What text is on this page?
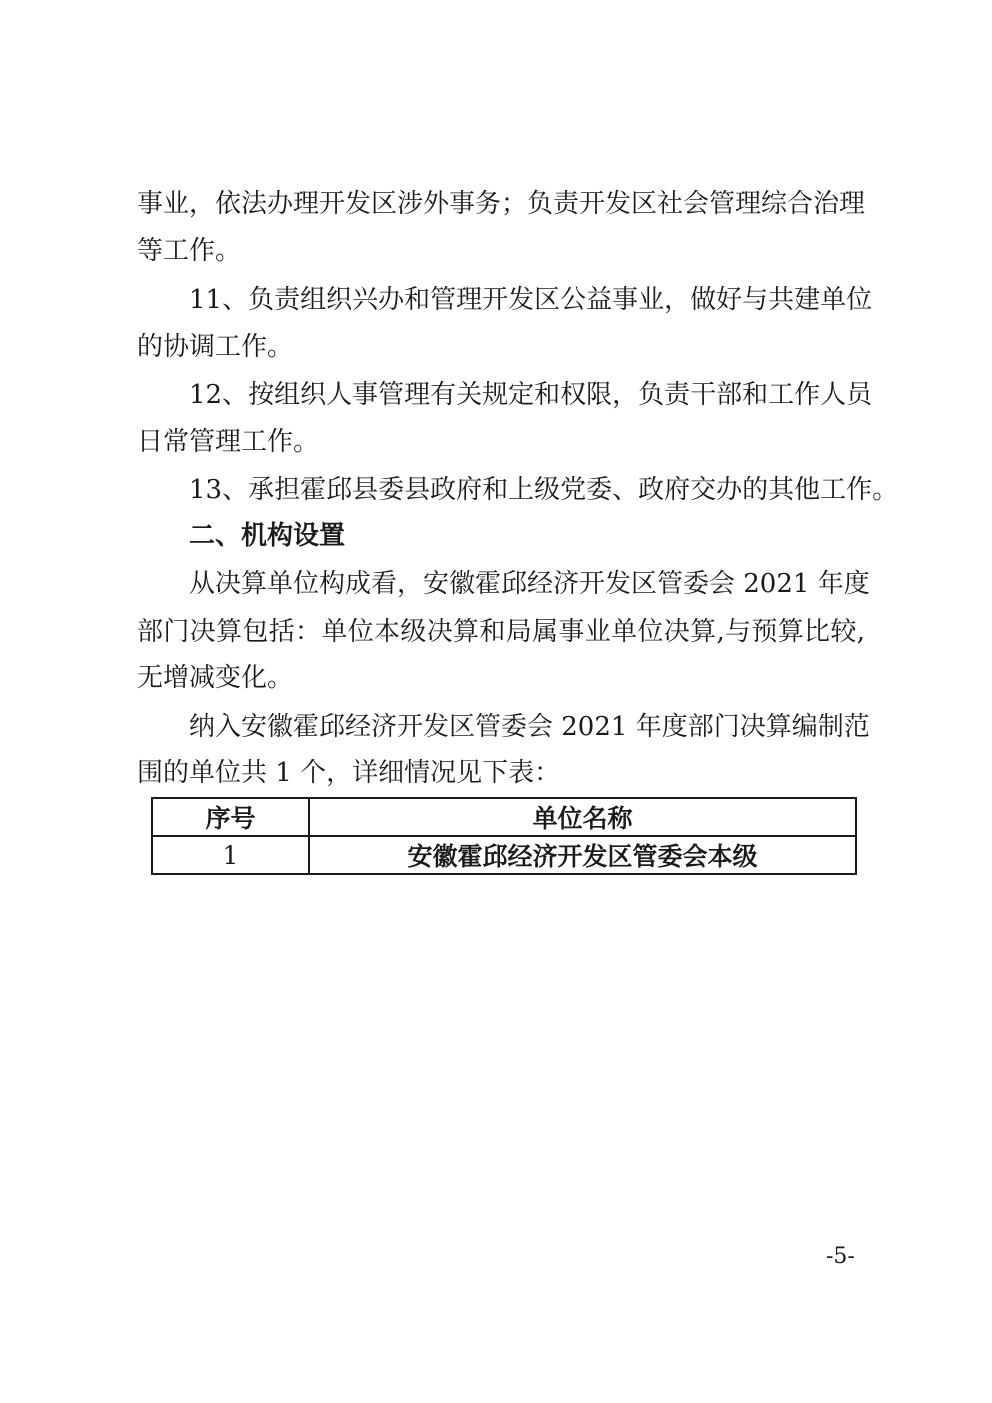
事业，依法办理开发区涉外事务；负责开发区社会管理综合治理
等工作。
11、负责组织兴办和管理开发区公益事业，做好与共建单位
的协调工作。
12、按组织人事管理有关规定和权限，负责干部和工作人员
日常管理工作。
13、承担霍邱县委县政府和上级党委、政府交办的其他工作。
二、机构设置
从决算单位构成看，安徽霍邱经济开发区管委会 2021 年度
部门决算包括：单位本级决算和局属事业单位决算,与预算比较,
无增减变化。
纳入安徽霍邱经济开发区管委会 2021 年度部门决算编制范
围的单位共 1 个，详细情况见下表：
序号	单位名称
1	安徽霍邱经济开发区管委会本级
-5-
